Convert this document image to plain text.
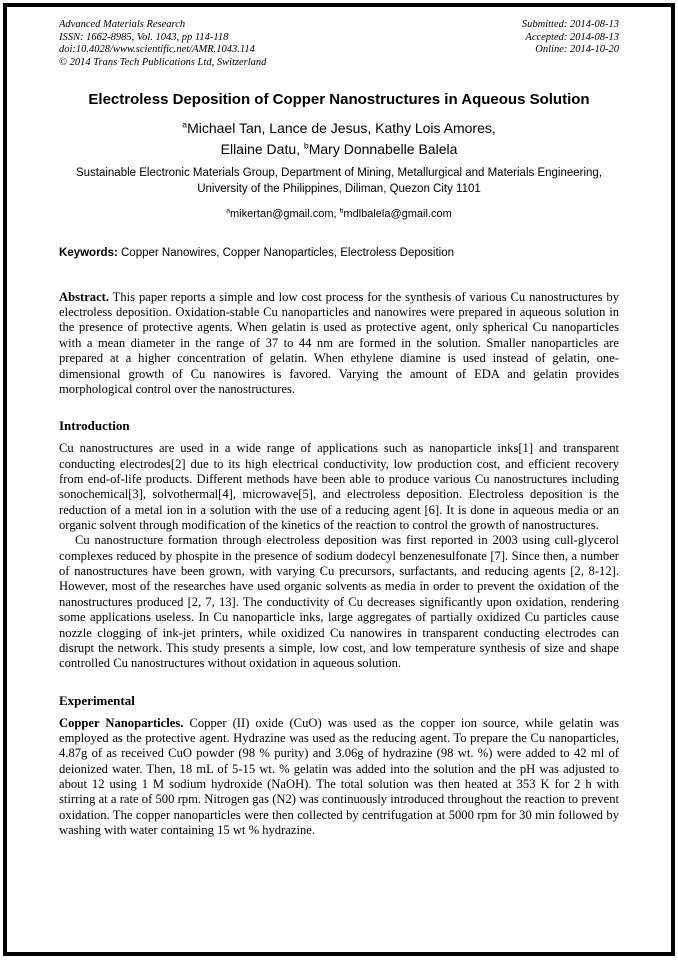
Advanced Materials Research
ISSN: 1662-8985, Vol. 1043, pp 114-118
doi:10.4028/www.scientific.net/AMR.1043.114
© 2014 Trans Tech Publications Ltd, Switzerland
Submitted: 2014-08-13
Accepted: 2014-08-13
Online: 2014-10-20
Electroless Deposition of Copper Nanostructures in Aqueous Solution
$^a$Michael Tan, Lance de Jesus, Kathy Lois Amores,
Ellaine Datu, $^b$Mary Donnabelle Balela
Sustainable Electronic Materials Group, Department of Mining, Metallurgical and Materials Engineering, University of the Philippines, Diliman, Quezon City 1101
$^a$mikertan@gmail.com, $^b$mdlbalela@gmail.com
Keywords: Copper Nanowires, Copper Nanoparticles, Electroless Deposition

Abstract. This paper reports a simple and low cost process for the synthesis of various Cu nanostructures by electroless deposition. Oxidation-stable Cu nanoparticles and nanowires were prepared in aqueous solution in the presence of protective agents. When gelatin is used as protective agent, only spherical Cu nanoparticles with a mean diameter in the range of 37 to 44 nm are formed in the solution. Smaller nanoparticles are prepared at a higher concentration of gelatin. When ethylene diamine is used instead of gelatin, one-dimensional growth of Cu nanowires is favored. Varying the amount of EDA and gelatin provides morphological control over the nanostructures.

Introduction

Cu nanostructures are used in a wide range of applications such as nanoparticle inks[1] and transparent conducting electrodes[2] due to its high electrical conductivity, low production cost, and efficient recovery from end-of-life products. Different methods have been able to produce various Cu nanostructures including sonochemical[3], solvothermal[4], microwave[5], and electroless deposition. Electroless deposition is the reduction of a metal ion in a solution with the use of a reducing agent [6]. It is done in aqueous media or an organic solvent through modification of the kinetics of the reaction to control the growth of nanostructures.

Cu nanostructure formation through electroless deposition was first reported in 2003 using cull-glycerol complexes reduced by phospite in the presence of sodium dodecyl benzenesulfonate [7]. Since then, a number of nanostructures have been grown, with varying Cu precursors, surfactants, and reducing agents [2, 8-12]. However, most of the researches have used organic solvents as media in order to prevent the oxidation of the nanostructures produced [2, 7, 13]. The conductivity of Cu decreases significantly upon oxidation, rendering some applications useless. In Cu nanoparticle inks, large aggregates of partially oxidized Cu particles cause nozzle clogging of ink-jet printers, while oxidized Cu nanowires in transparent conducting electrodes can disrupt the network. This study presents a simple, low cost, and low temperature synthesis of size and shape controlled Cu nanostructures without oxidation in aqueous solution.

Experimental

Copper Nanoparticles. Copper (II) oxide (CuO) was used as the copper ion source, while gelatin was employed as the protective agent. Hydrazine was used as the reducing agent. To prepare the Cu nanoparticles, 4.87g of as received CuO powder (98 % purity) and 3.06g of hydrazine (98 wt. %) were added to 42 ml of deionized water. Then, 18 mL of 5-15 wt. % gelatin was added into the solution and the pH was adjusted to about 12 using 1 M sodium hydroxide (NaOH). The total solution was then heated at 353 K for 2 h with stirring at a rate of 500 rpm. Nitrogen gas (N2) was continuously introduced throughout the reaction to prevent oxidation. The copper nanoparticles were then collected by centrifugation at 5000 rpm for 30 min followed by washing with water containing 15 wt % hydrazine.
